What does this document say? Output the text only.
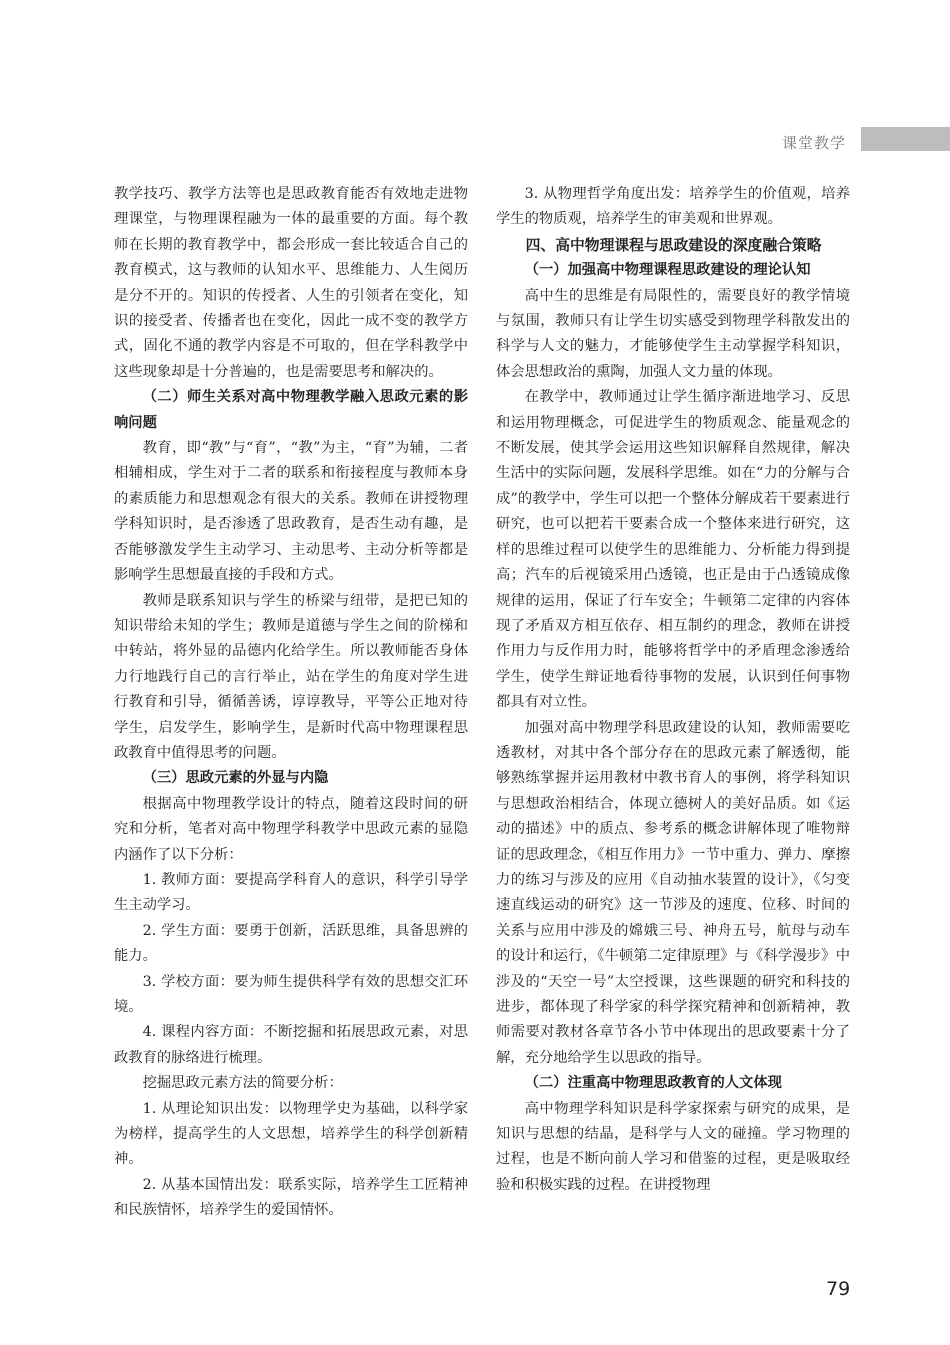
课堂教学

教学技巧、教学方法等也是思政教育能否有效地走进物理课堂，与物理课程融为一体的最重要的方面。每个教师在长期的教育教学中，都会形成一套比较适合自己的教育模式，这与教师的认知水平、思维能力、人生阅历是分不开的。知识的传授者、人生的引领者在变化，知识的接受者、传播者也在变化，因此一成不变的教学方式，固化不通的教学内容是不可取的，但在学科教学中这些现象却是十分普遍的，也是需要思考和解决的。

（二）师生关系对高中物理教学融入思政元素的影响问题

教育，即“教”与“育”，“教”为主，“育”为辅，二者相辅相成，学生对于二者的联系和衔接程度与教师本身的素质能力和思想观念有很大的关系。教师在讲授物理学科知识时，是否渗透了思政教育，是否生动有趣，是否能够激发学生主动学习、主动思考、主动分析等都是影响学生思想最直接的手段和方式。

教师是联系知识与学生的桥梁与纽带，是把已知的知识带给未知的学生；教师是道德与学生之间的阶梯和中转站，将外显的品德内化给学生。所以教师能否身体力行地践行自己的言行举止，站在学生的角度对学生进行教育和引导，循循善诱，谆谆教导，平等公正地对待学生，启发学生，影响学生，是新时代高中物理课程思政教育中值得思考的问题。

（三）思政元素的外显与内隐

根据高中物理教学设计的特点，随着这段时间的研究和分析，笔者对高中物理学科教学中思政元素的显隐内涵作了以下分析：

1. 教师方面：要提高学科育人的意识，科学引导学生主动学习。

2. 学生方面：要勇于创新，活跃思维，具备思辨的能力。

3. 学校方面：要为师生提供科学有效的思想交汇环境。

4. 课程内容方面：不断挖掘和拓展思政元素，对思政教育的脉络进行梳理。

挖掘思政元素方法的简要分析：

1. 从理论知识出发：以物理学史为基础，以科学家为榜样，提高学生的人文思想，培养学生的科学创新精神。

2. 从基本国情出发：联系实际，培养学生工匠精神和民族情怀，培养学生的爱国情怀。

3. 从物理哲学角度出发：培养学生的价值观，培养学生的物质观，培养学生的审美观和世界观。

四、高中物理课程与思政建设的深度融合策略
（一）加强高中物理课程思政建设的理论认知

高中生的思维是有局限性的，需要良好的教学情境与氛围，教师只有让学生切实感受到物理学科散发出的科学与人文的魅力，才能够使学生主动掌握学科知识，体会思想政治的熏陶，加强人文力量的体现。

在教学中，教师通过让学生循序渐进地学习、反思和运用物理概念，可促进学生的物质观念、能量观念的不断发展，使其学会运用这些知识解释自然规律，解决生活中的实际问题，发展科学思维。如在“力的分解与合成”的教学中，学生可以把一个整体分解成若干要素进行研究，也可以把若干要素合成一个整体来进行研究，这样的思维过程可以使学生的思维能力、分析能力得到提高；汽车的后视镜采用凸透镜，也正是由于凸透镜成像规律的运用，保证了行车安全；牛顿第二定律的内容体现了矛盾双方相互依存、相互制约的理念，教师在讲授作用力与反作用力时，能够将哲学中的矛盾理念渗透给学生，使学生辩证地看待事物的发展，认识到任何事物都具有对立性。

加强对高中物理学科思政建设的认知，教师需要吃透教材，对其中各个部分存在的思政元素了解透彻，能够熟练掌握并运用教材中教书育人的事例，将学科知识与思想政治相结合，体现立德树人的美好品质。如《运动的描述》中的质点、参考系的概念讲解体现了唯物辩证的思政理念，《相互作用力》一节中重力、弹力、摩擦力的练习与涉及的应用《自动抽水装置的设计》，《匀变速直线运动的研究》这一节涉及的速度、位移、时间的关系与应用中涉及的嫦娥三号、神舟五号，航母与动车的设计和运行，《牛顿第二定律原理》与《科学漫步》中涉及的“天空一号”太空授课，这些课题的研究和科技的进步，都体现了科学家的科学探究精神和创新精神，教师需要对教材各章节各小节中体现出的思政要素十分了解，充分地给学生以思政的指导。

（二）注重高中物理思政教育的人文体现

高中物理学科知识是科学家探索与研究的成果，是知识与思想的结晶，是科学与人文的碰撞。学习物理的过程，也是不断向前人学习和借鉴的过程，更是吸取经验和积极实践的过程。在讲授物理

79
